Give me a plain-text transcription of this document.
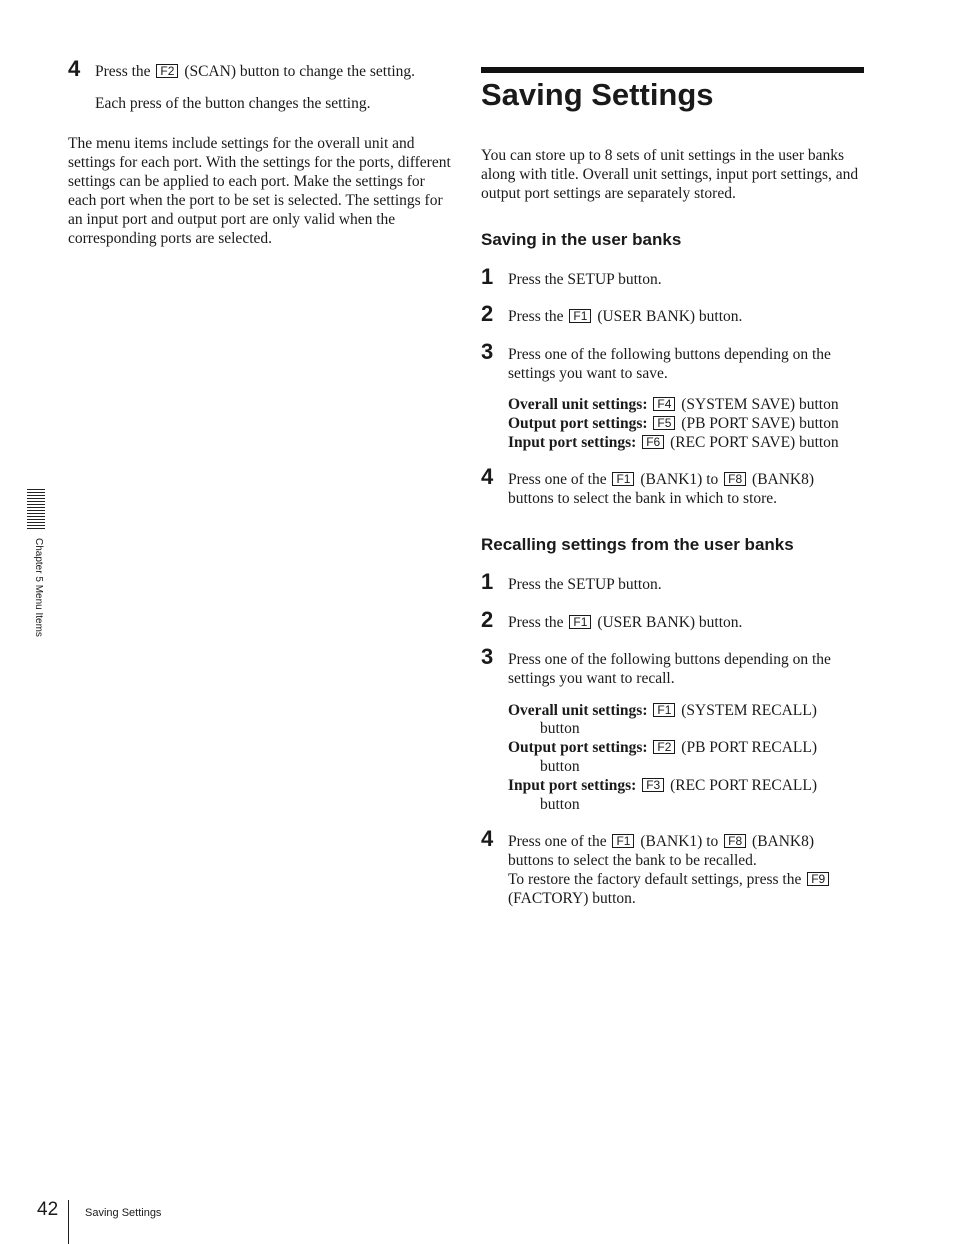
4 Press the F2 (SCAN) button to change the setting.
Each press of the button changes the setting.
The menu items include settings for the overall unit and settings for each port. With the settings for the ports, different settings can be applied to each port. Make the settings for each port when the port to be set is selected. The settings for an input port and output port are only valid when the corresponding ports are selected.
Saving Settings
You can store up to 8 sets of unit settings in the user banks along with title. Overall unit settings, input port settings, and output port settings are separately stored.
Saving in the user banks
1 Press the SETUP button.
2 Press the F1 (USER BANK) button.
3 Press one of the following buttons depending on the settings you want to save.
Overall unit settings: F4 (SYSTEM SAVE) button
Output port settings: F5 (PB PORT SAVE) button
Input port settings: F6 (REC PORT SAVE) button
4 Press one of the F1 (BANK1) to F8 (BANK8)
buttons to select the bank in which to store.
Recalling settings from the user banks
1 Press the SETUP button.
2 Press the F1 (USER BANK) button.
3 Press one of the following buttons depending on the settings you want to recall.
Overall unit settings: F1 (SYSTEM RECALL)
button
Output port settings: F2 (PB PORT RECALL)
button
Input port settings: F3 (REC PORT RECALL)
button
4 Press one of the F1 (BANK1) to F8 (BANK8)
buttons to select the bank to be recalled.
To restore the factory default settings, press the F9
(FACTORY) button.
Chapter 5 Menu Items
42 Saving Settings
